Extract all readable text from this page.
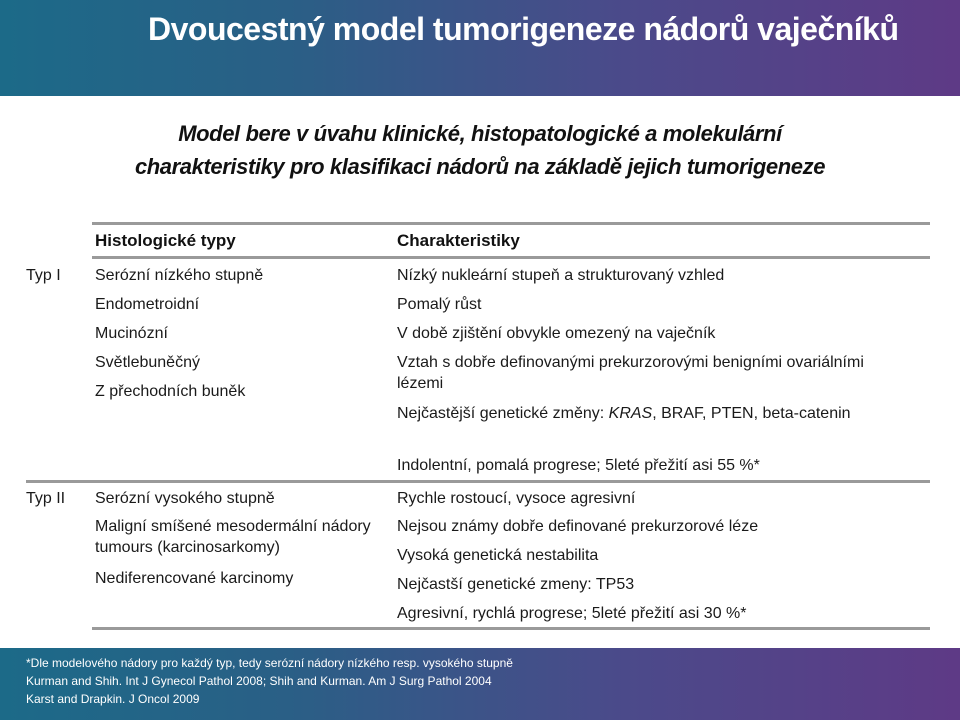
Dvoucestný model tumorigeneze nádorů vaječníků
Model bere v úvahu klinické, histopatologické a molekulární
charakteristiky pro klasifikaci nádorů na základě jejich tumorigeneze
Histologické typy	Charakteristiky
Typ I Serózní nízkého stupně
Endometroidní
Mucinózní
Světlebuněčný
Z přechodních buněk
Nízký nukleární stupeň a strukturovaný vzhled
Pomalý růst
V době zjištění obvykle omezený na vaječník
Vztah s dobře definovanými prekurzorovými benigními ovariálními lézemi
Nejčastější genetické změny: KRAS, BRAF, PTEN, beta-catenin
Indolentní, pomalá progrese; 5leté přežití asi 55 %*
Typ II Serózní vysokého stupně
Maligní smíšené mesodermální nádory tumours (karcinosarkomy)
Nediferencované karcinomy
Rychle rostoucí, vysoce agresivní
Nejsou známy dobře definované prekurzorové léze
Vysoká genetická nestabilita
Nejčastší genetické zmeny: TP53
Agresivní, rychlá progrese; 5leté přežití asi 30 %*
*Dle modelového nádory pro každý typ, tedy serózní nádory nízkého resp. vysokého stupně
Kurman and Shih. Int J Gynecol Pathol 2008; Shih and Kurman. Am J Surg Pathol 2004
Karst and Drapkin. J Oncol 2009
